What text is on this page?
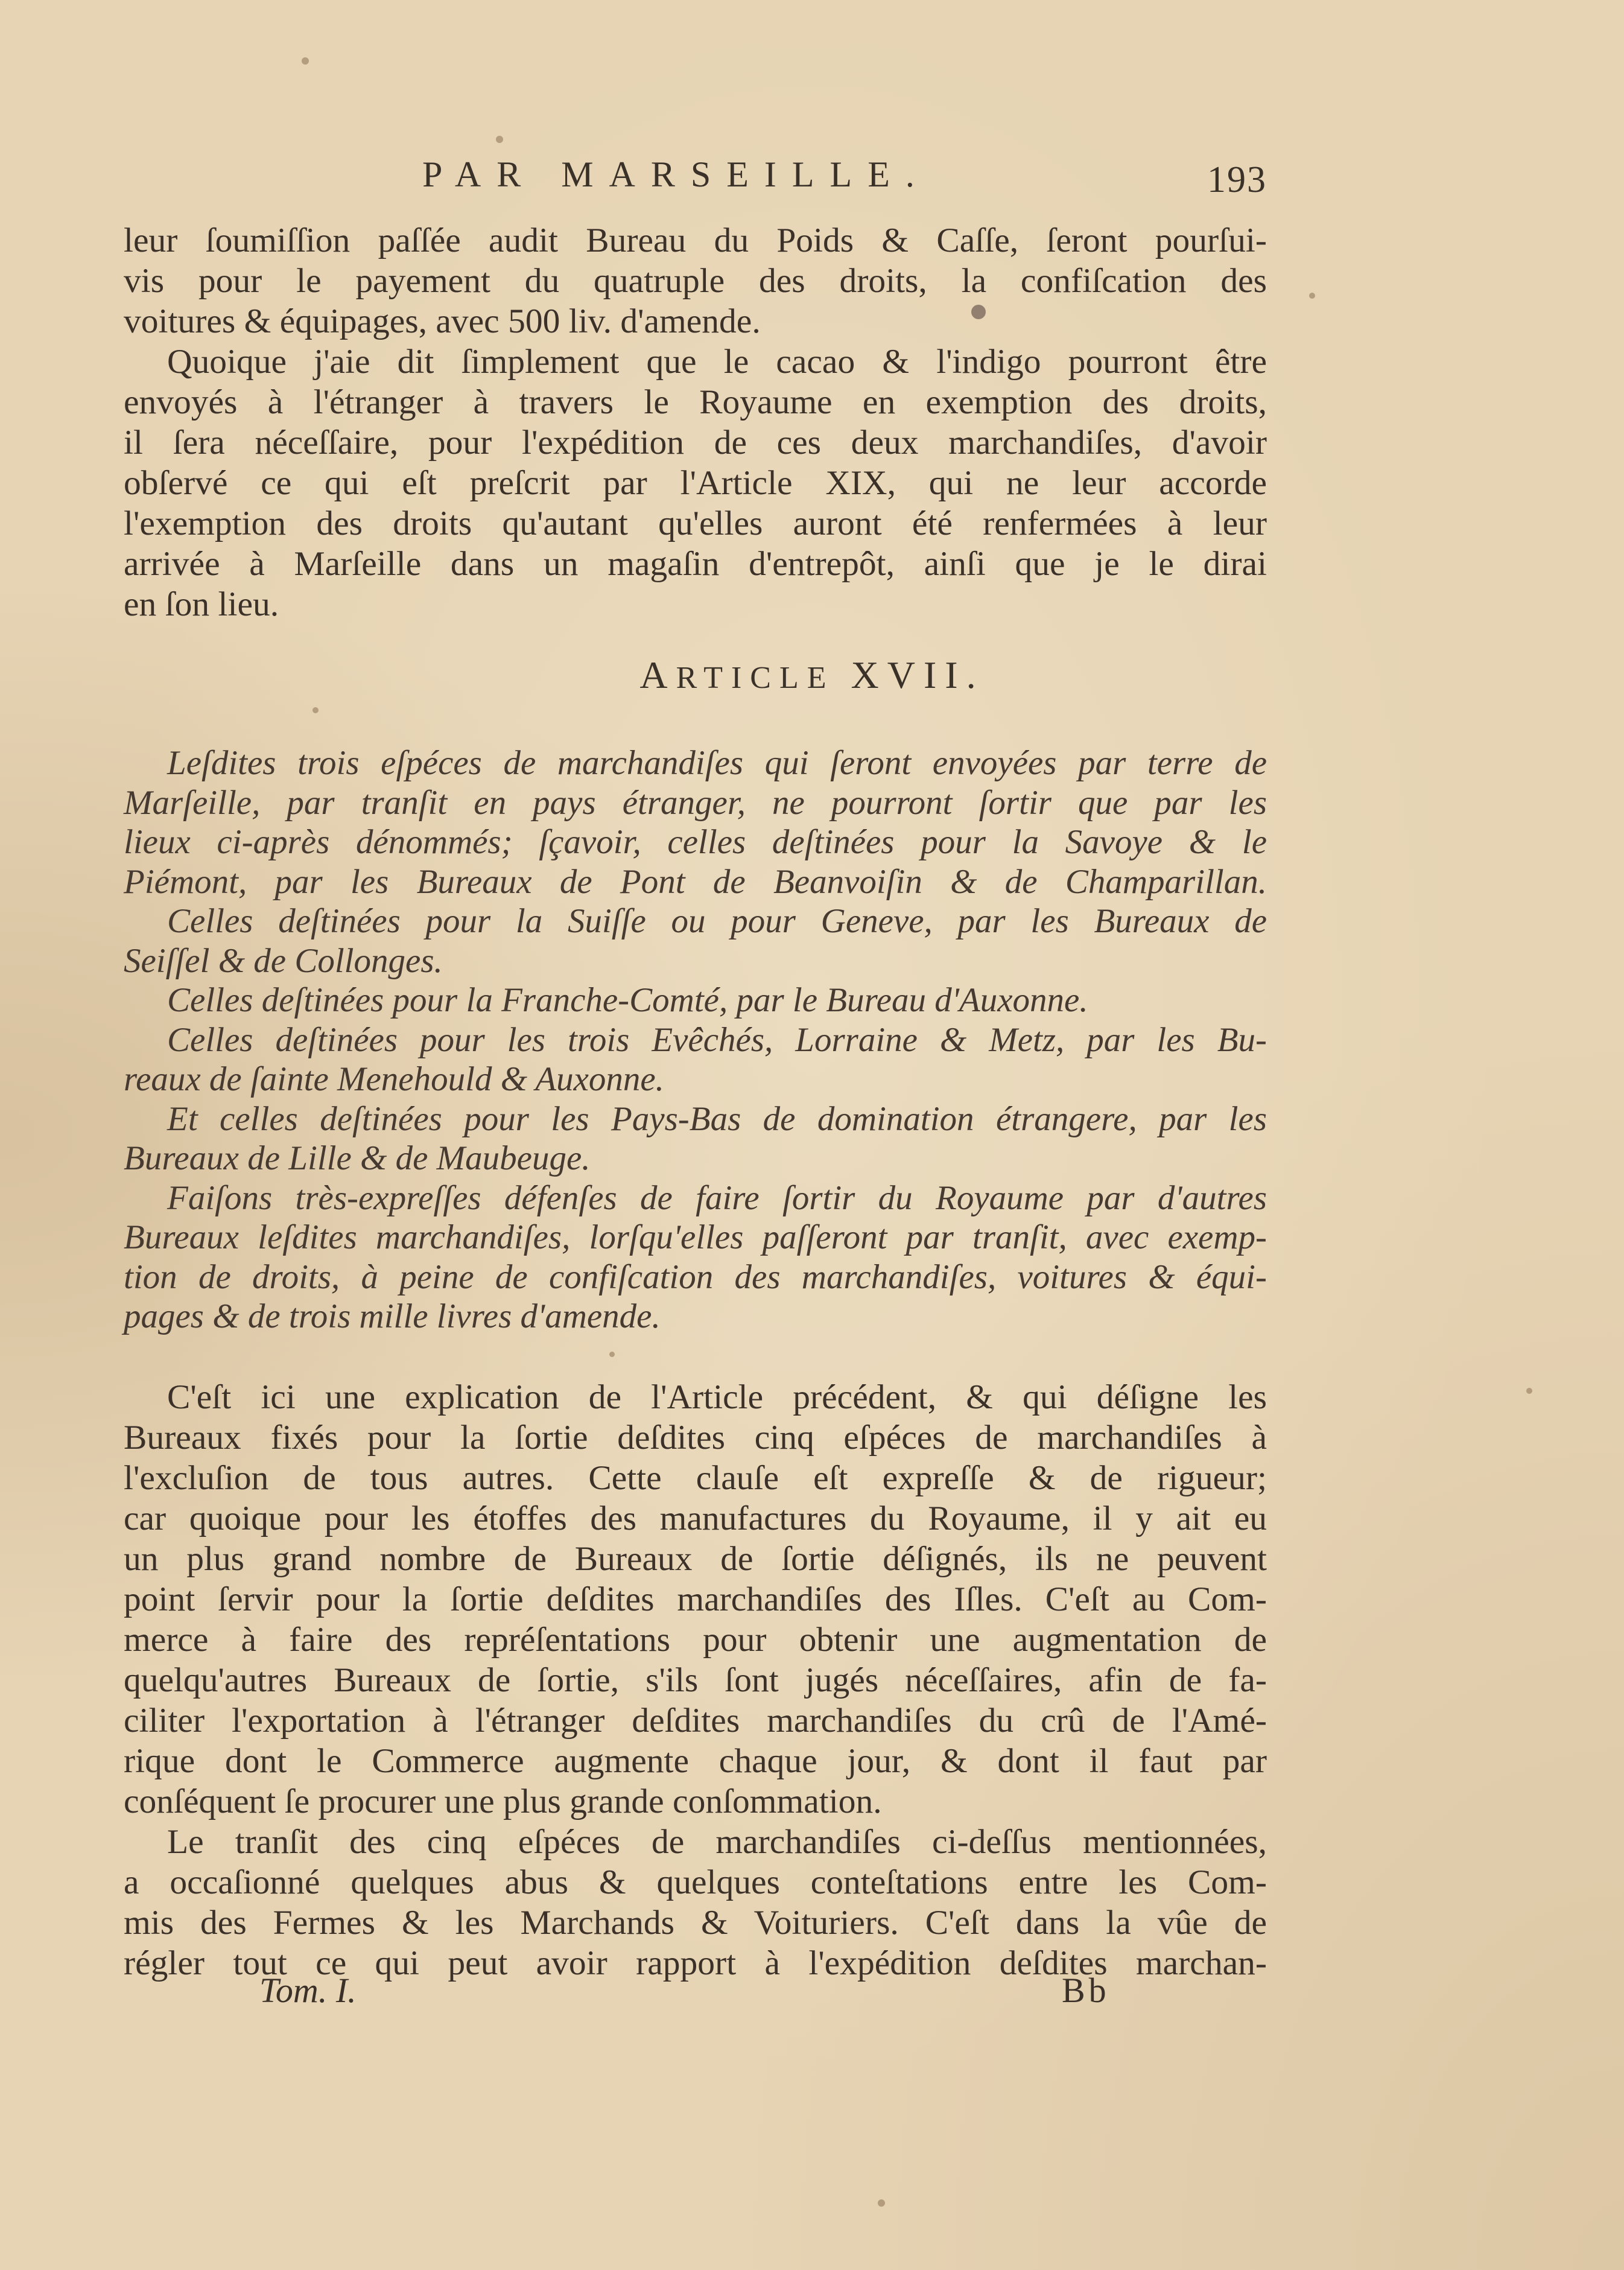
PAR MARSEILLE.	193

leur ſoumiſſion paſſée audit Bureau du Poids & Caſſe, ſeront pourſui-
vis pour le payement du quatruple des droits, la confiſcation des
voitures & équipages, avec 500 liv. d'amende.

Quoique j'aie dit ſimplement que le cacao & l'indigo pourront être
envoyés à l'étranger à travers le Royaume en exemption des droits,
il ſera néceſſaire, pour l'expédition de ces deux marchandiſes, d'avoir
obſervé ce qui eſt preſcrit par l'Article XIX, qui ne leur accorde
l'exemption des droits qu'autant qu'elles auront été renfermées à leur
arrivée à Marſeille dans un magaſin d'entrepôt, ainſi que je le dirai
en ſon lieu.

ARTICLE XVII.

Leſdites trois eſpéces de marchandiſes qui ſeront envoyées par terre de
Marſeille, par tranſit en pays étranger, ne pourront ſortir que par les
lieux ci-après dénommés; ſçavoir, celles deſtinées pour la Savoye & le
Piémont, par les Bureaux de Pont de Beanvoiſin & de Champarillan.

Celles deſtinées pour la Suiſſe ou pour Geneve, par les Bureaux de
Seiſſel & de Collonges.

Celles deſtinées pour la Franche-Comté, par le Bureau d'Auxonne.

Celles deſtinées pour les trois Evêchés, Lorraine & Metz, par les Bu-
reaux de ſainte Menehould & Auxonne.

Et celles deſtinées pour les Pays-Bas de domination étrangere, par les
Bureaux de Lille & de Maubeuge.

Faiſons très-expreſſes défenſes de faire ſortir du Royaume par d'autres
Bureaux leſdites marchandiſes, lorſqu'elles paſſeront par tranſit, avec exemp-
tion de droits, à peine de confiſcation des marchandiſes, voitures & équi-
pages & de trois mille livres d'amende.

C'eſt ici une explication de l'Article précédent, & qui déſigne les
Bureaux fixés pour la ſortie deſdites cinq eſpéces de marchandiſes à
l'excluſion de tous autres. Cette clauſe eſt expreſſe & de rigueur;
car quoique pour les étoffes des manufactures du Royaume, il y ait eu
un plus grand nombre de Bureaux de ſortie déſignés, ils ne peuvent
point ſervir pour la ſortie deſdites marchandiſes des Iſles. C'eſt au Com-
merce à faire des repréſentations pour obtenir une augmentation de
quelqu'autres Bureaux de ſortie, s'ils ſont jugés néceſſaires, afin de fa-
ciliter l'exportation à l'étranger deſdites marchandiſes du crû de l'Amé-
rique dont le Commerce augmente chaque jour, & dont il faut par
conſéquent ſe procurer une plus grande conſommation.

Le tranſit des cinq eſpéces de marchandiſes ci-deſſus mentionnées,
a occaſionné quelques abus & quelques conteſtations entre les Com-
mis des Fermes & les Marchands & Voituriers. C'eſt dans la vûe de
régler tout ce qui peut avoir rapport à l'expédition deſdites marchan-

Tom. I.	Bb
